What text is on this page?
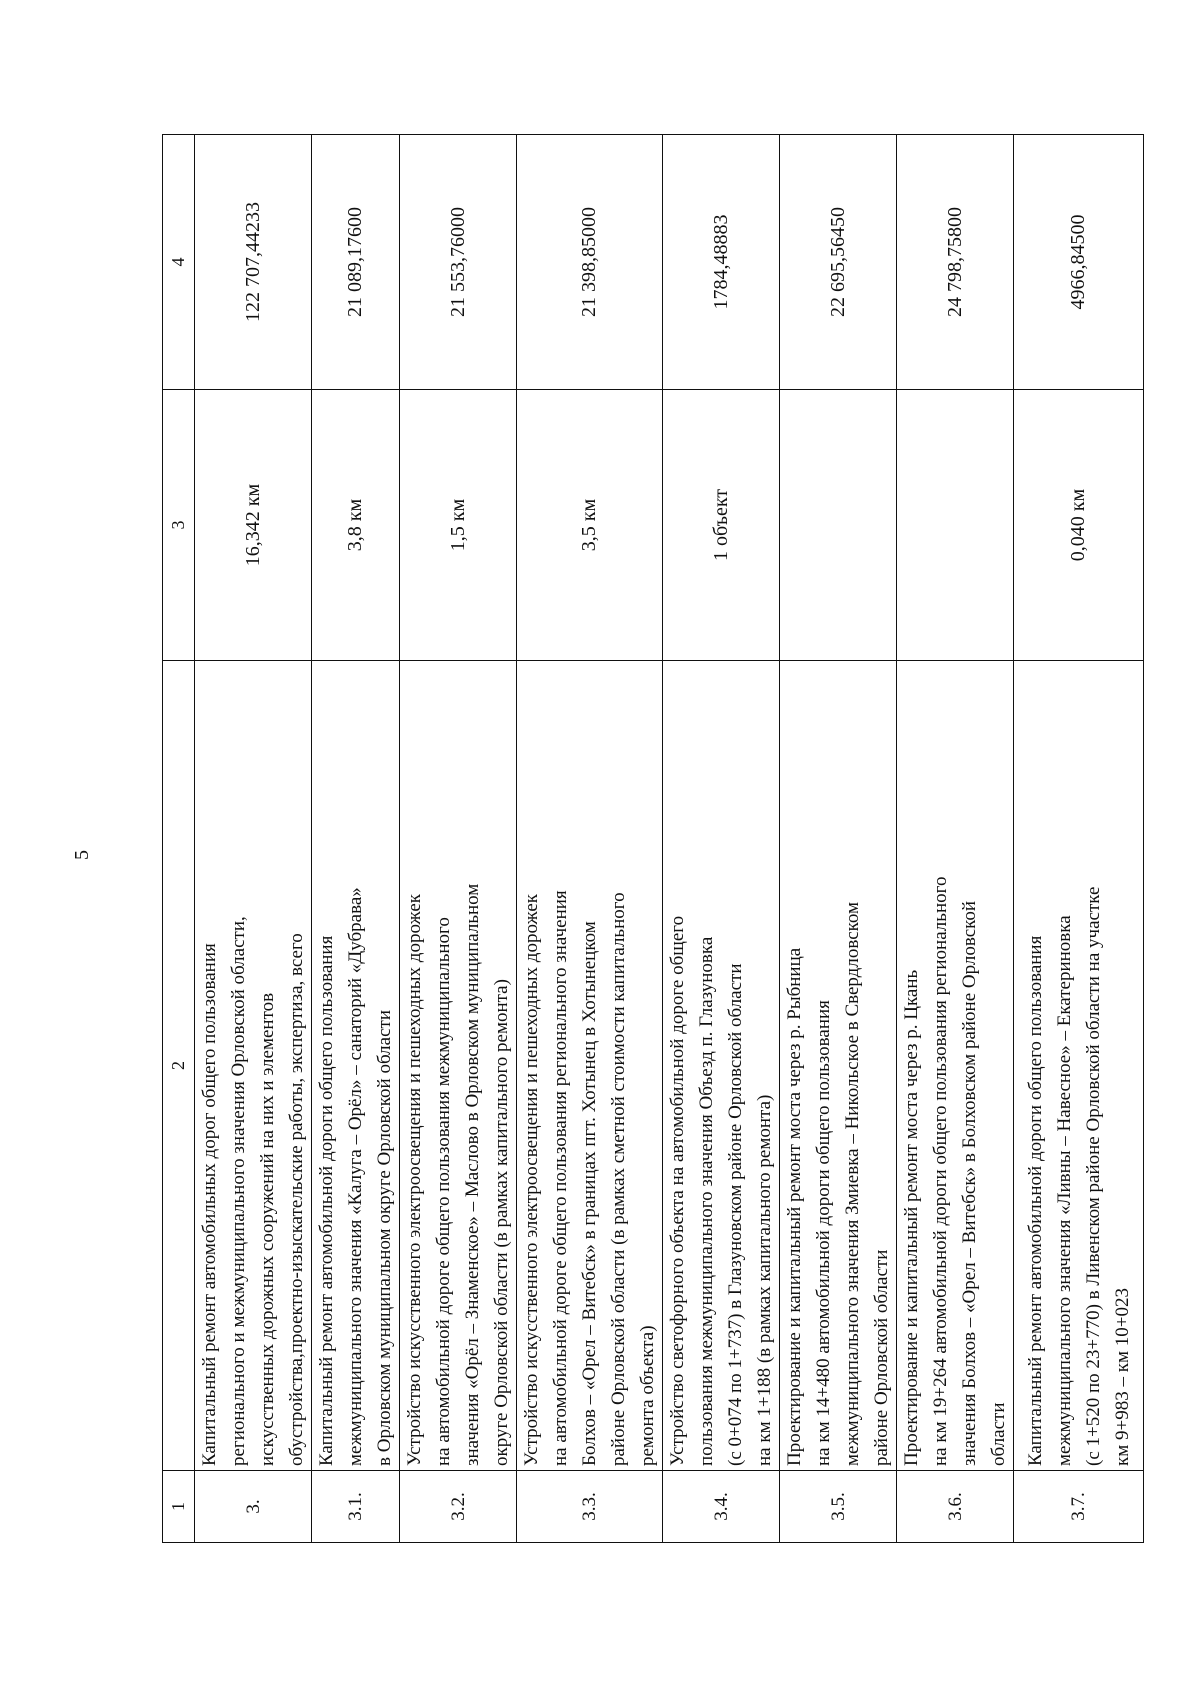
5
1	2	3	4
3.	Капитальный ремонт автомобильных дорог общего пользования регионального и межмуниципального значения Орловской области, искусственных дорожных сооружений на них и элементов обустройства,проектно-изыскательские работы, экспертиза, всего	16,342 км	122 707,44233
3.1.	Капитальный ремонт автомобильной дороги общего пользования межмуниципального значения «Калуга – Орёл» – санаторий «Дубрава» в Орловском муниципальном округе Орловской области	3,8 км	21 089,17600
3.2.	Устройство искусственного электроосвещения и пешеходных дорожек на автомобильной дороге общего пользования межмуниципального значения «Орёл – Знаменское» – Маслово в Орловском муниципальном округе Орловской области (в рамках капитального ремонта)	1,5 км	21 553,76000
3.3.	Устройство искусственного электроосвещения и пешеходных дорожек на автомобильной дороге общего пользования регионального значения Болхов – «Орел – Витебск» в границах пгт. Хотынец в Хотынецком районе Орловской области (в рамках сметной стоимости капитального ремонта объекта)	3,5 км	21 398,85000
3.4.	Устройство светофорного объекта на автомобильной дороге общего пользования межмуниципального значения Объезд п. Глазуновка (с 0+074 по 1+737) в Глазуновском районе Орловской области на км 1+188 (в рамках капитального ремонта)	1 объект	1784,48883
3.5.	Проектирование и капитальный ремонт моста через р. Рыбница на км 14+480 автомобильной дороги общего пользования межмуниципального значения Змиевка – Никольское в Свердловском районе Орловской области		22 695,56450
3.6.	Проектирование и капитальный ремонт моста через р. Цкань на км 19+264 автомобильной дороги общего пользования регионального значения Болхов – «Орел – Витебск» в Болховском районе Орловской области		24 798,75800
3.7.	Капитальный ремонт автомобильной дороги общего пользования межмуниципального значения «Ливны – Навесное» – Екатериновка (с 1+520 по 23+770) в Ливенском районе Орловской области на участке км 9+983 – км 10+023	0,040 км	4966,84500
